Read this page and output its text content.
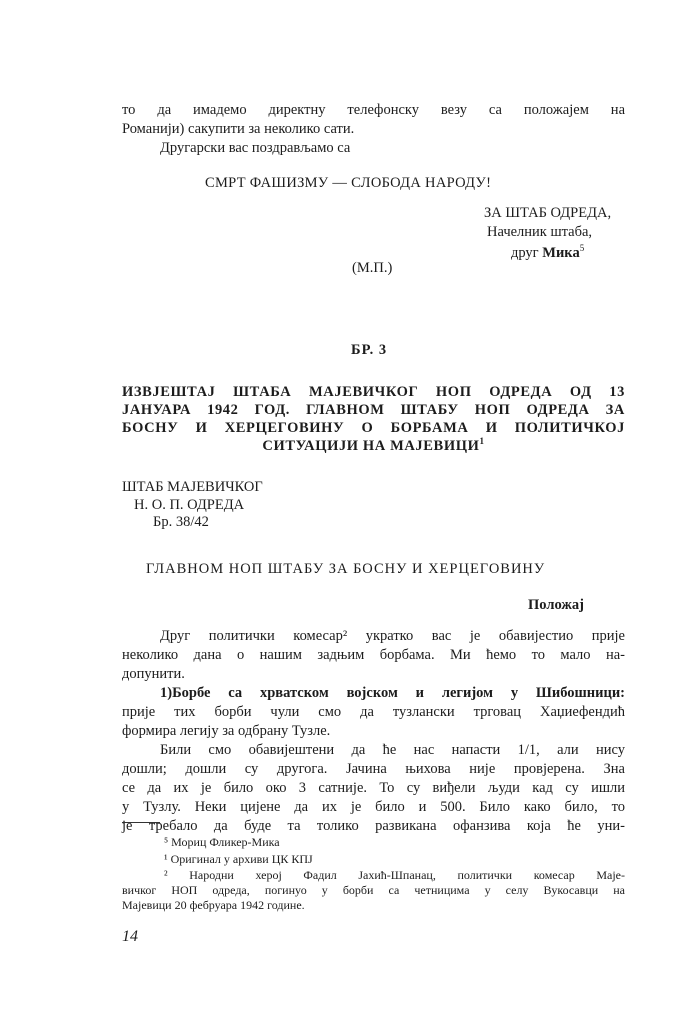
то да имадемо директну телефонску везу са положајем на
Романији) сакупити за неколико сати.
Другарски вас поздрављамо са
СМРТ ФАШИЗМУ — СЛОБОДА НАРОДУ!
ЗА ШТАБ ОДРЕДА,
Начелник штаба,
друг Мика$^5$
(М.П.)
БР. 3
ИЗВЈЕШТАЈ ШТАБА МАЈЕВИЧКОГ НОП ОДРЕДА ОД 13
ЈАНУАРА 1942 ГОД. ГЛАВНОМ ШТАБУ НОП ОДРЕДА ЗА
БОСНУ И ХЕРЦЕГОВИНУ О БОРБАМА И ПОЛИТИЧКОЈ
СИТУАЦИЈИ НА МАЈЕВИЦИ$^1$
ШТАБ МАЈЕВИЧКОГ
Н. О. П. ОДРЕДА
Бр. 38/42
ГЛАВНОМ НОП ШТАБУ ЗА БОСНУ И ХЕРЦЕГОВИНУ
Положај
Друг политички комесар² укратко вас је обавијестио прије
неколико дана о нашим задњим борбама. Ми ћемо то мало на-
допунити.
1)Борбе са хрватском војском и легијом у Шибошници:
прије тих борби чули смо да тузлански трговац Хаџиефендић
формира легију за одбрану Тузле.
Били смо обавијештени да ће нас напасти 1/1, али нису
дошли; дошли су другога. Јачина њихова није провјерена. Зна
се да их је било око 3 сатније. То су виђели људи кад су ишли
у Тузлу. Неки цијене да их је било и 500. Било како било, то
је требало да буде та толико развикана офанзива која ће уни-
⁵ Мориц Фликер-Мика
¹ Оригинал у архиви ЦК КПЈ
² Народни херој Фадил Јахић-Шпанац, политички комесар Маје-
вичког НОП одреда, погинуо у борби са четницима у селу Вукосавци на
Мајевици 20 фебруара 1942 године.
14
